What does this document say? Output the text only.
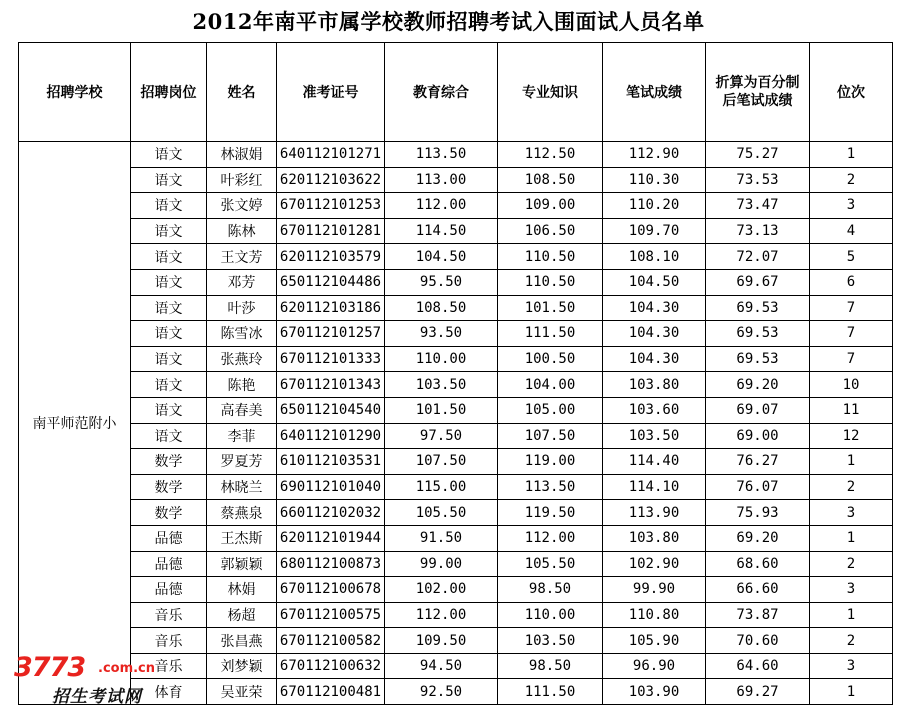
2012年南平市属学校教师招聘考试入围面试人员名单
招聘学校	招聘岗位	姓名	准考证号	教育综合	专业知识	笔试成绩	折算为百分制后笔试成绩	位次
南平师范附小	语文	林淑娟	640112101271	113.50	112.50	112.90	75.27	1
	语文	叶彩红	620112103622	113.00	108.50	110.30	73.53	2
	语文	张文婷	670112101253	112.00	109.00	110.20	73.47	3
	语文	陈林	670112101281	114.50	106.50	109.70	73.13	4
	语文	王文芳	620112103579	104.50	110.50	108.10	72.07	5
	语文	邓芳	650112104486	95.50	110.50	104.50	69.67	6
	语文	叶莎	620112103186	108.50	101.50	104.30	69.53	7
	语文	陈雪冰	670112101257	93.50	111.50	104.30	69.53	7
	语文	张燕玲	670112101333	110.00	100.50	104.30	69.53	7
	语文	陈艳	670112101343	103.50	104.00	103.80	69.20	10
	语文	高春美	650112104540	101.50	105.00	103.60	69.07	11
	语文	李菲	640112101290	97.50	107.50	103.50	69.00	12
	数学	罗夏芳	610112103531	107.50	119.00	114.40	76.27	1
	数学	林晓兰	690112101040	115.00	113.50	114.10	76.07	2
	数学	蔡燕泉	660112102032	105.50	119.50	113.90	75.93	3
	品德	王杰斯	620112101944	91.50	112.00	103.80	69.20	1
	品德	郭颖颖	680112100873	99.00	105.50	102.90	68.60	2
	品德	林娟	670112100678	102.00	98.50	99.90	66.60	3
	音乐	杨超	670112100575	112.00	110.00	110.80	73.87	1
	音乐	张昌燕	670112100582	109.50	103.50	105.90	70.60	2
	音乐	刘梦颖	670112100632	94.50	98.50	96.90	64.60	3
	体育	吴亚荣	670112100481	92.50	111.50	103.90	69.27	1
3773 .com.cn
招生考试网
